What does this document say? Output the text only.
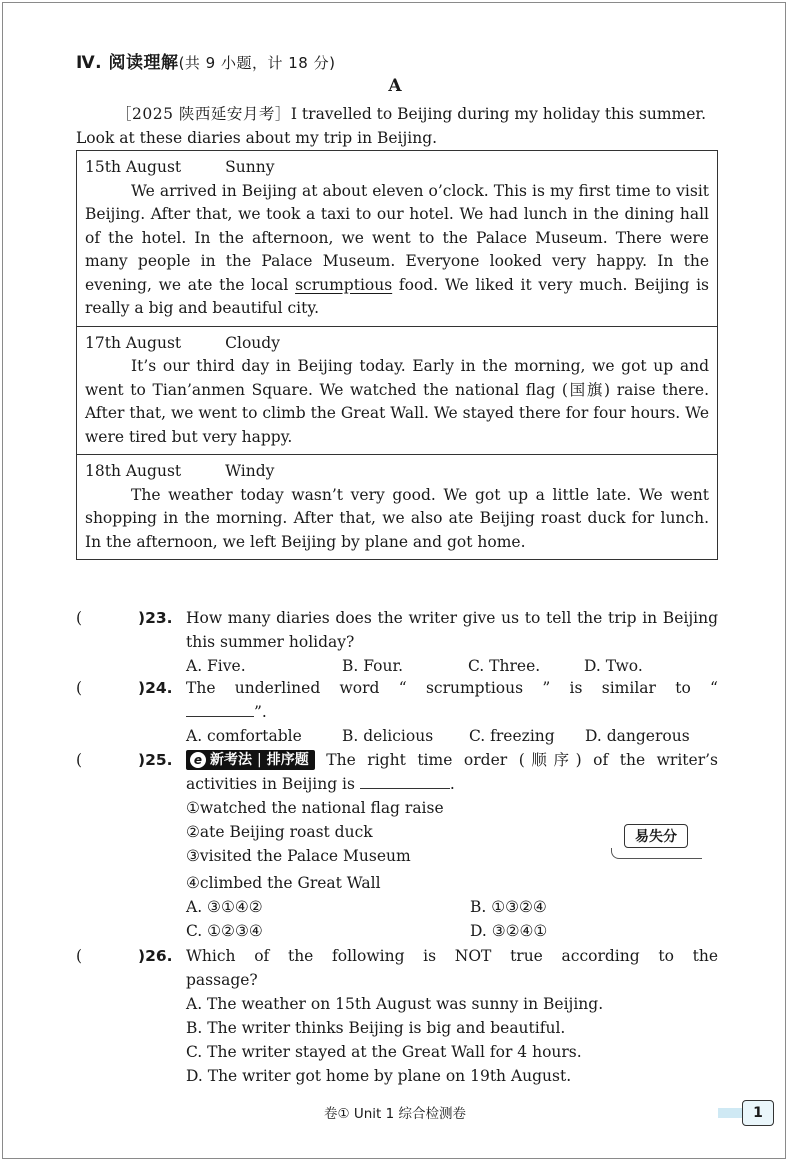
Ⅳ. 阅读理解(共 9 小题，计 18 分)
A
［2025 陕西延安月考］I travelled to Beijing during my holiday this summer. Look at these diaries about my trip in Beijing.
15th August	Sunny
We arrived in Beijing at about eleven o’clock. This is my first time to visit Beijing. After that, we took a taxi to our hotel. We had lunch in the dining hall of the hotel. In the afternoon, we went to the Palace Museum. There were many people in the Palace Museum. Everyone looked very happy. In the evening, we ate the local scrumptious food. We liked it very much. Beijing is really a big and beautiful city.
17th August	Cloudy
It’s our third day in Beijing today. Early in the morning, we got up and went to Tian’anmen Square. We watched the national flag (国旗) raise there. After that, we went to climb the Great Wall. We stayed there for four hours. We were tired but very happy.
18th August	Windy
The weather today wasn’t very good. We got up a little late. We went shopping in the morning. After that, we also ate Beijing roast duck for lunch. In the afternoon, we left Beijing by plane and got home.
(	)23. How many diaries does the writer give us to tell the trip in Beijing this summer holiday?
A. Five.	B. Four.	C. Three.	D. Two.
(	)24. The underlined word “ scrumptious ” is similar to “”.
A. comfortable	B. delicious	C. freezing	D. dangerous
(	)25.	e 新考法 | 排序题 The right time order (顺序) of the writer’s activities in Beijing is	.
①watched the national flag raise
②ate Beijing roast duck
③visited the Palace Museum
④climbed the Great Wall
A. ③①④②	B. ①③②④
C. ①②③④	D. ③②④①
易失分
(	)26. Which of the following is NOT true according to the passage?
A. The weather on 15th August was sunny in Beijing.
B. The writer thinks Beijing is big and beautiful.
C. The writer stayed at the Great Wall for 4 hours.
D. The writer got home by plane on 19th August.
卷① Unit 1 综合检测卷	1
